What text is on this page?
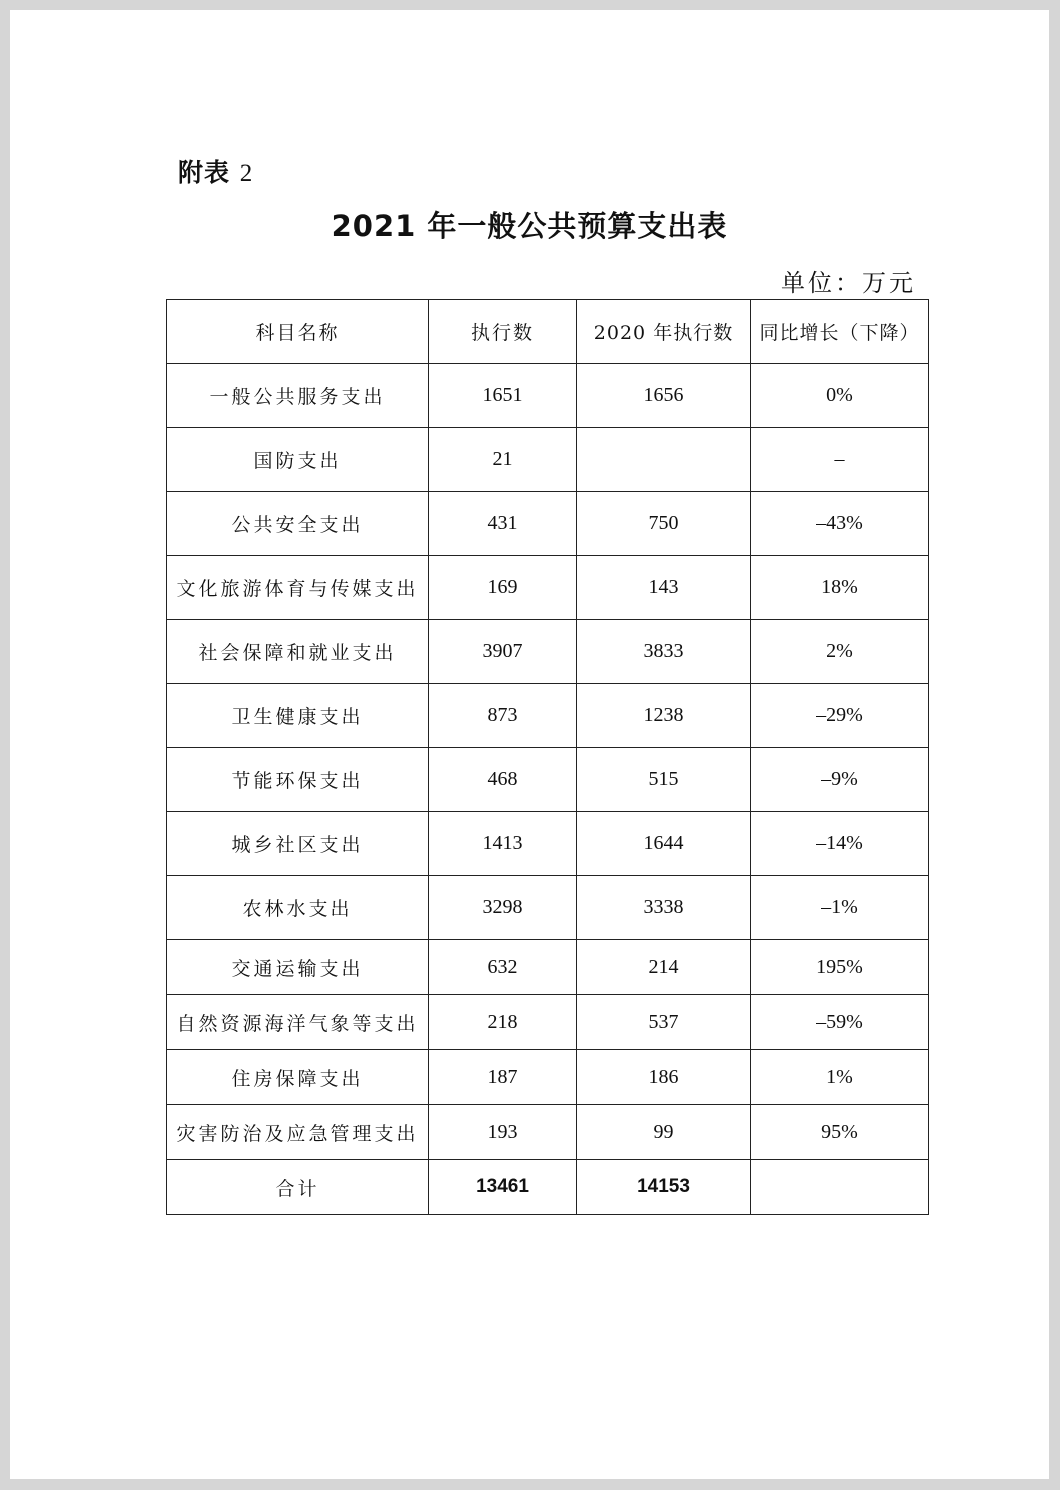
附表 2
2021 年一般公共预算支出表
单位：万元
科目名称	执行数	2020 年执行数	同比增长（下降）
一般公共服务支出	1651	1656	0%
国防支出	21		–
公共安全支出	431	750	–43%
文化旅游体育与传媒支出	169	143	18%
社会保障和就业支出	3907	3833	2%
卫生健康支出	873	1238	–29%
节能环保支出	468	515	–9%
城乡社区支出	1413	1644	–14%
农林水支出	3298	3338	–1%
交通运输支出	632	214	195%
自然资源海洋气象等支出	218	537	–59%
住房保障支出	187	186	1%
灾害防治及应急管理支出	193	99	95%
合计	13461	14153	
